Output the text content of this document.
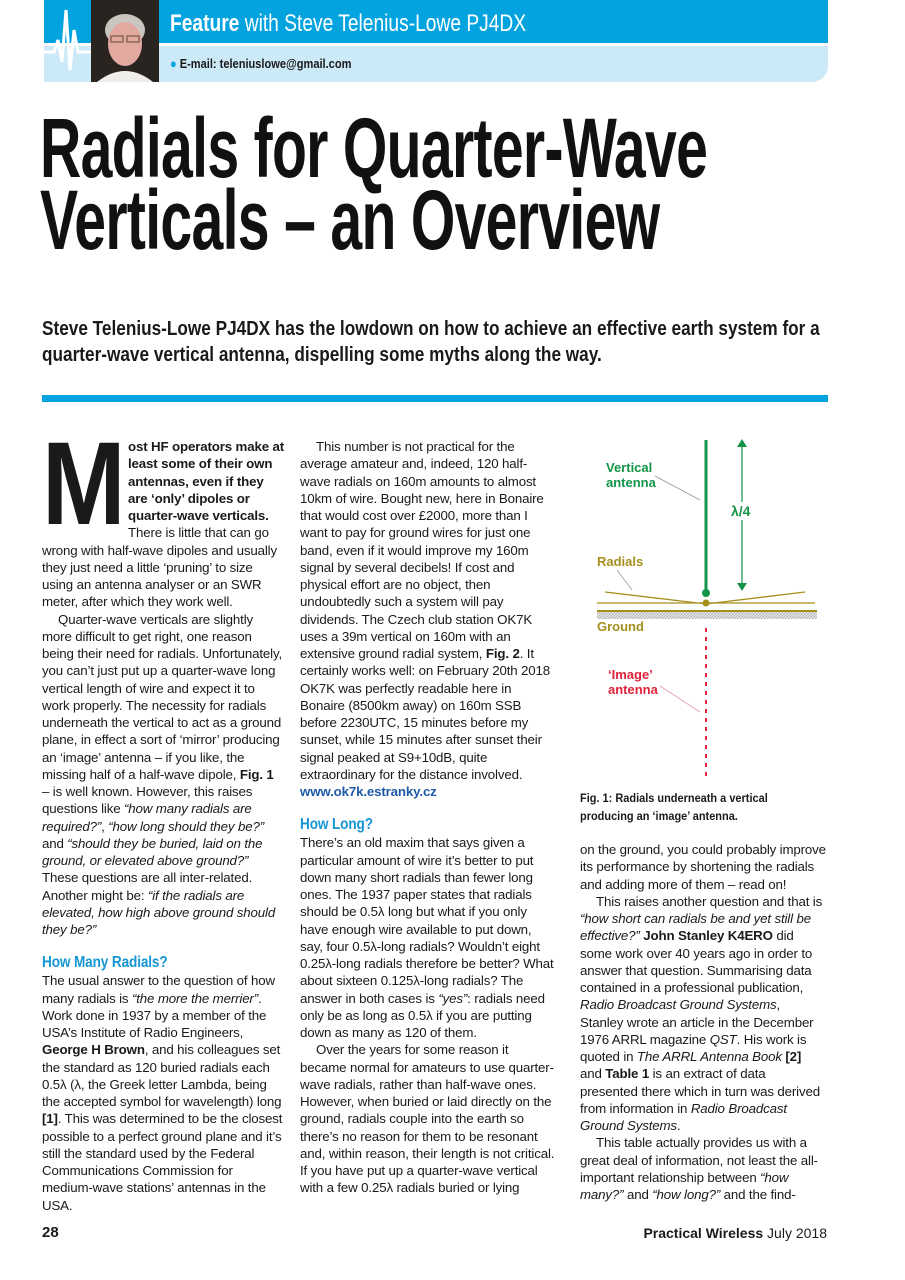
Feature with Steve Telenius-Lowe PJ4DX
● E-mail: teleniuslowe@gmail.com
Radials for Quarter-Wave
Verticals – an Overview
Steve Telenius-Lowe PJ4DX has the lowdown on how to achieve an effective earth system for a quarter-wave vertical antenna, dispelling some myths along the way.

Most HF operators make at least some of their own antennas, even if they are ‘only’ dipoles or quarter-wave verticals. There is little that can go wrong with half-wave dipoles and usually they just need a little ‘pruning’ to size using an antenna analyser or an SWR meter, after which they work well.

Quarter-wave verticals are slightly more difficult to get right, one reason being their need for radials. Unfortunately, you can’t just put up a quarter-wave long vertical length of wire and expect it to work properly. The necessity for radials underneath the vertical to act as a ground plane, in effect a sort of ‘mirror’ producing an ‘image’ antenna – if you like, the missing half of a half-wave dipole, Fig. 1 – is well known. However, this raises questions like “how many radials are required?”, “how long should they be?” and “should they be buried, laid on the ground, or elevated above ground?” These questions are all inter-related. Another might be: “if the radials are elevated, how high above ground should they be?”

How Many Radials?

The usual answer to the question of how many radials is “the more the merrier”. Work done in 1937 by a member of the USA’s Institute of Radio Engineers, George H Brown, and his colleagues set the standard as 120 buried radials each 0.5λ (λ, the Greek letter Lambda, being the accepted symbol for wavelength) long [1]. This was determined to be the closest possible to a perfect ground plane and it’s still the standard used by the Federal Communications Commission for medium-wave stations’ antennas in the USA.

This number is not practical for the average amateur and, indeed, 120 half-wave radials on 160m amounts to almost 10km of wire. Bought new, here in Bonaire that would cost over £2000, more than I want to pay for ground wires for just one band, even if it would improve my 160m signal by several decibels! If cost and physical effort are no object, then undoubtedly such a system will pay dividends. The Czech club station OK7K uses a 39m vertical on 160m with an extensive ground radial system, Fig. 2. It certainly works well: on February 20th 2018 OK7K was perfectly readable here in Bonaire (8500km away) on 160m SSB before 2230UTC, 15 minutes before my sunset, while 15 minutes after sunset their signal peaked at S9+10dB, quite extraordinary for the distance involved. www.ok7k.estranky.cz

How Long?

There’s an old maxim that says given a particular amount of wire it’s better to put down many short radials than fewer long ones. The 1937 paper states that radials should be 0.5λ long but what if you only have enough wire available to put down, say, four 0.5λ-long radials? Wouldn’t eight 0.25λ-long radials therefore be better? What about sixteen 0.125λ-long radials? The answer in both cases is “yes”: radials need only be as long as 0.5λ if you are putting down as many as 120 of them.

Over the years for some reason it became normal for amateurs to use quarter-wave radials, rather than half-wave ones. However, when buried or laid directly on the ground, radials couple into the earth so there’s no reason for them to be resonant and, within reason, their length is not critical. If you have put up a quarter-wave vertical with a few 0.25λ radials buried or lying

λ/4
Vertical
antenna
Radials
Ground
‘Image’
antenna
Fig. 1: Radials underneath a vertical producing an ‘image’ antenna.

on the ground, you could probably improve its performance by shortening the radials and adding more of them – read on!

This raises another question and that is “how short can radials be and yet still be effective?” John Stanley K4ERO did some work over 40 years ago in order to answer that question. Summarising data contained in a professional publication, Radio Broadcast Ground Systems, Stanley wrote an article in the December 1976 ARRL magazine QST. His work is quoted in The ARRL Antenna Book [2] and Table 1 is an extract of data presented there which in turn was derived from information in Radio Broadcast Ground Systems.

This table actually provides us with a great deal of information, not least the all-important relationship between “how many?” and “how long?” and the find-

28	Practical Wireless July 2018
